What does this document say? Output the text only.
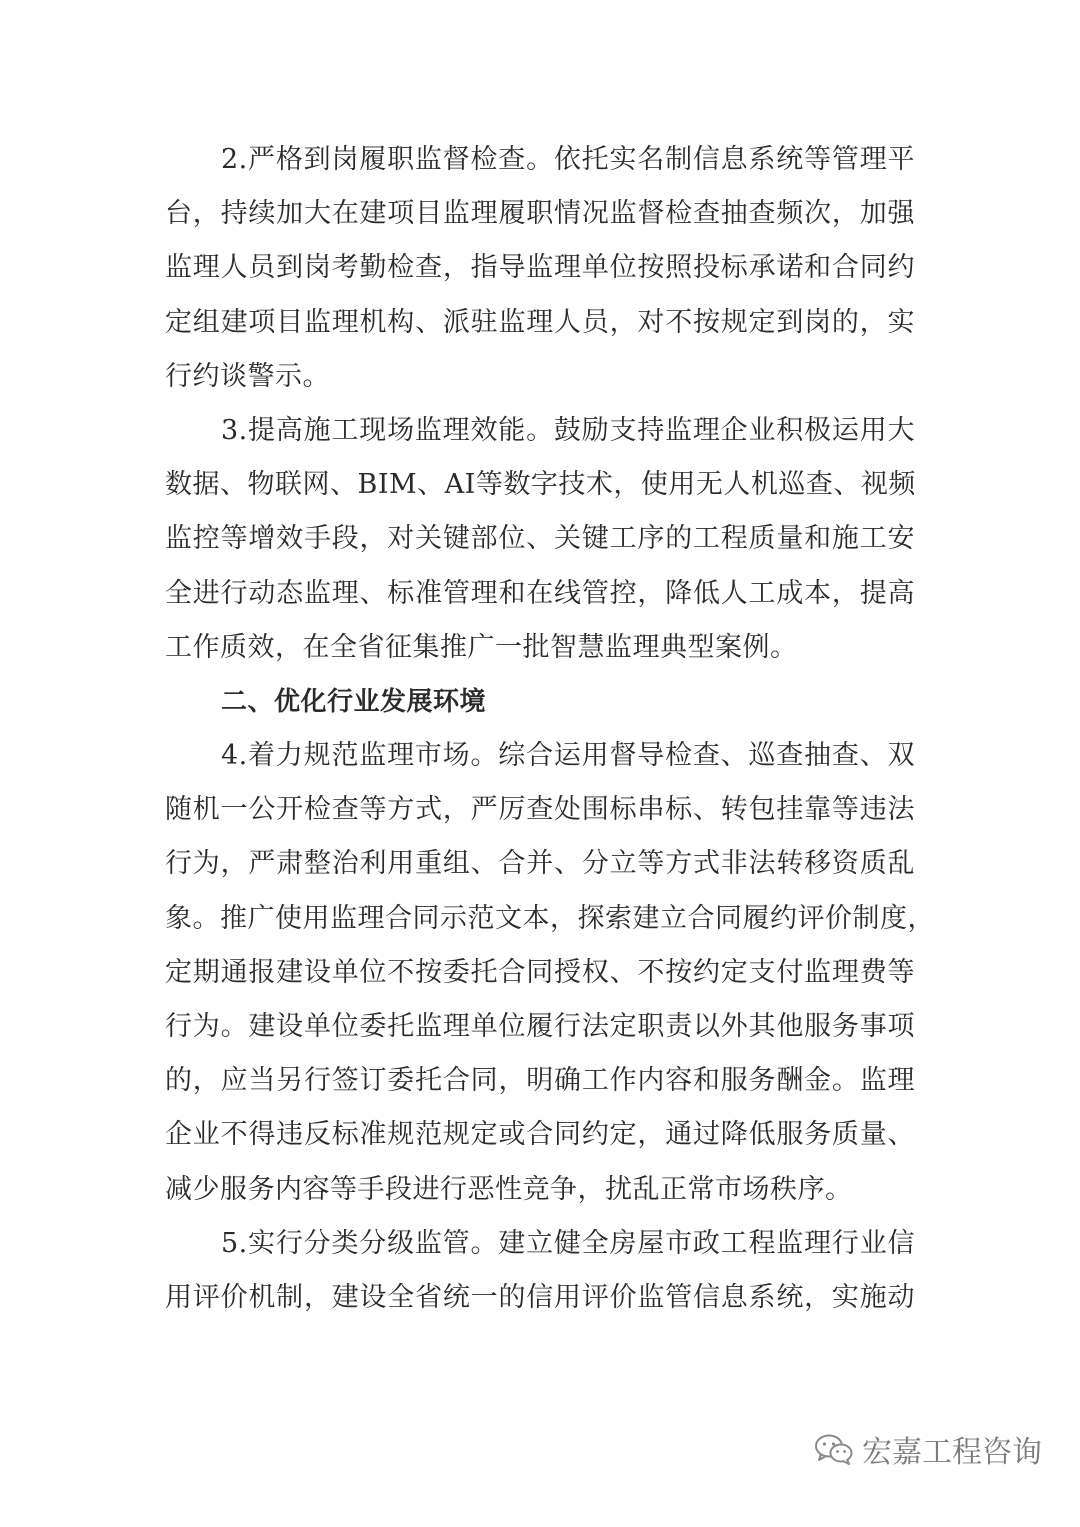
2.严格到岗履职监督检查。依托实名制信息系统等管理平
台，持续加大在建项目监理履职情况监督检查抽查频次，加强
监理人员到岗考勤检查，指导监理单位按照投标承诺和合同约
定组建项目监理机构、派驻监理人员，对不按规定到岗的，实
行约谈警示。
3.提高施工现场监理效能。鼓励支持监理企业积极运用大
数据、物联网、BIM、AI等数字技术，使用无人机巡查、视频
监控等增效手段，对关键部位、关键工序的工程质量和施工安
全进行动态监理、标准管理和在线管控，降低人工成本，提高
工作质效，在全省征集推广一批智慧监理典型案例。
二、优化行业发展环境
4.着力规范监理市场。综合运用督导检查、巡查抽查、双
随机一公开检查等方式，严厉查处围标串标、转包挂靠等违法
行为，严肃整治利用重组、合并、分立等方式非法转移资质乱
象。推广使用监理合同示范文本，探索建立合同履约评价制度，
定期通报建设单位不按委托合同授权、不按约定支付监理费等
行为。建设单位委托监理单位履行法定职责以外其他服务事项
的，应当另行签订委托合同，明确工作内容和服务酬金。监理
企业不得违反标准规范规定或合同约定，通过降低服务质量、
减少服务内容等手段进行恶性竞争，扰乱正常市场秩序。
5.实行分类分级监管。建立健全房屋市政工程监理行业信
用评价机制，建设全省统一的信用评价监管信息系统，实施动
宏嘉工程咨询
